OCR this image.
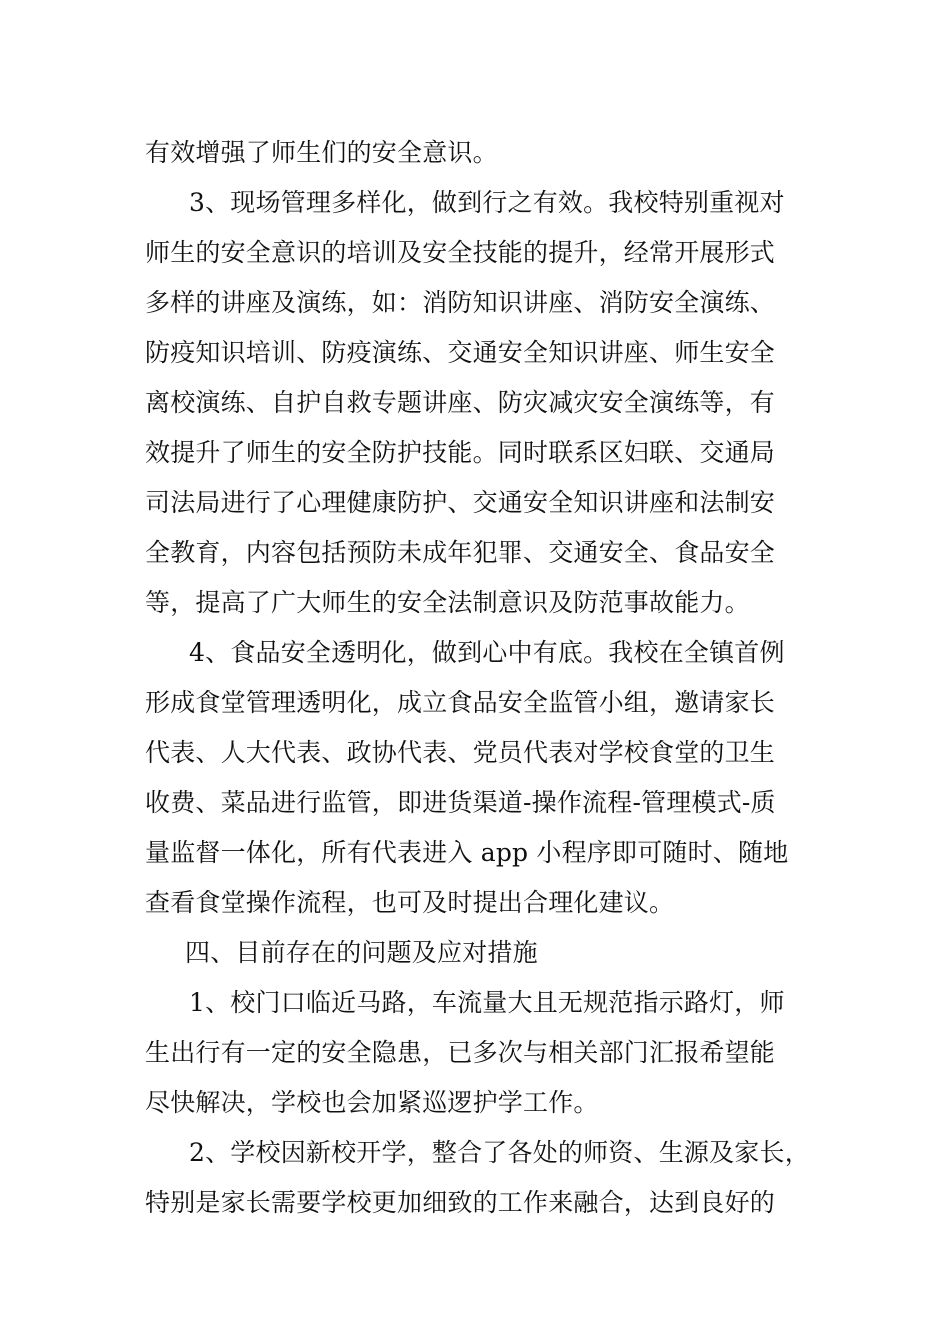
有效增强了师生们的安全意识。
3、现场管理多样化，做到行之有效。我校特别重视对
师生的安全意识的培训及安全技能的提升，经常开展形式
多样的讲座及演练，如：消防知识讲座、消防安全演练、
防疫知识培训、防疫演练、交通安全知识讲座、师生安全
离校演练、自护自救专题讲座、防灾减灾安全演练等，有
效提升了师生的安全防护技能。同时联系区妇联、交通局
司法局进行了心理健康防护、交通安全知识讲座和法制安
全教育，内容包括预防未成年犯罪、交通安全、食品安全
等，提高了广大师生的安全法制意识及防范事故能力。
4、食品安全透明化，做到心中有底。我校在全镇首例
形成食堂管理透明化，成立食品安全监管小组，邀请家长
代表、人大代表、政协代表、党员代表对学校食堂的卫生
收费、菜品进行监管，即进货渠道-操作流程-管理模式-质
量监督一体化，所有代表进入 app 小程序即可随时、随地
查看食堂操作流程，也可及时提出合理化建议。
四、目前存在的问题及应对措施
1、校门口临近马路，车流量大且无规范指示路灯，师
生出行有一定的安全隐患，已多次与相关部门汇报希望能
尽快解决，学校也会加紧巡逻护学工作。
2、学校因新校开学，整合了各处的师资、生源及家长，
特别是家长需要学校更加细致的工作来融合，达到良好的
